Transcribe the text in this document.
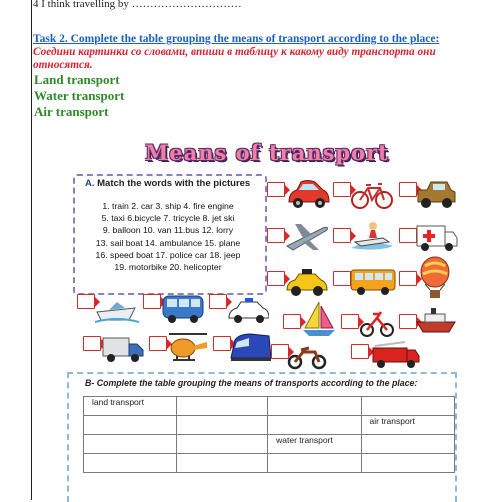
4 I think travelling by …………………………
Task 2. Complete the table grouping the means of transport according to the place:
Соедини картинки со словами, впиши в таблицу к какому виду транспорта они относятся.
Land transport
Water transport
Air transport
Means of transport
A. Match the words with the pictures
1. train 2. car 3. ship 4. fire engine
5. taxi 6.bicycle 7. tricycle 8. jet ski
9. balloon 10. van 11.bus 12. lorry
13. sail boat 14. ambulance 15. plane
16. speed boat 17. police car 18. jeep
19. motorbike 20. helicopter
B- Complete the table grouping the means of transports according to the place:
land transport			
			air transport
		water transport	
